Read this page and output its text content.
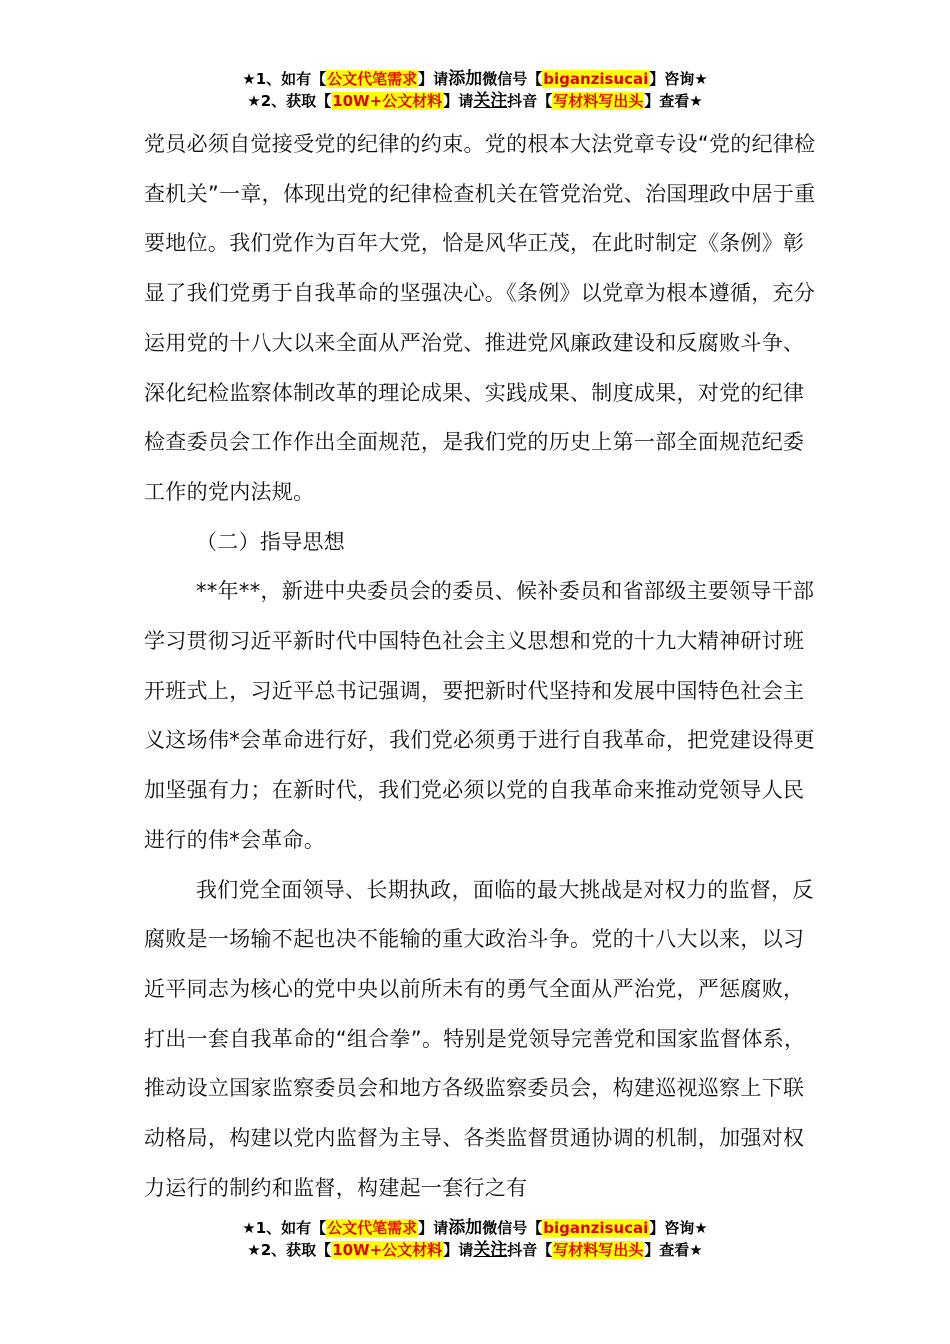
★1、如有【公文代笔需求】请添加微信号【biganzisucai】咨询★
★2、获取【10W+公文材料】请关注抖音【写材料写出头】查看★

党员必须自觉接受党的纪律的约束。党的根本大法党章专设“党的纪律检查机关”一章，体现出党的纪律检查机关在管党治党、治国理政中居于重要地位。我们党作为百年大党，恰是风华正茂，在此时制定《条例》彰显了我们党勇于自我革命的坚强决心。《条例》以党章为根本遵循，充分运用党的十八大以来全面从严治党、推进党风廉政建设和反腐败斗争、深化纪检监察体制改革的理论成果、实践成果、制度成果，对党的纪律检查委员会工作作出全面规范，是我们党的历史上第一部全面规范纪委工作的党内法规。

（二）指导思想

**年**，新进中央委员会的委员、候补委员和省部级主要领导干部学习贯彻习近平新时代中国特色社会主义思想和党的十九大精神研讨班开班式上，习近平总书记强调，要把新时代坚持和发展中国特色社会主义这场伟*会革命进行好，我们党必须勇于进行自我革命，把党建设得更加坚强有力；在新时代，我们党必须以党的自我革命来推动党领导人民进行的伟*会革命。

我们党全面领导、长期执政，面临的最大挑战是对权力的监督，反腐败是一场输不起也决不能输的重大政治斗争。党的十八大以来，以习近平同志为核心的党中央以前所未有的勇气全面从严治党，严惩腐败，打出一套自我革命的“组合拳”。特别是党领导完善党和国家监督体系，推动设立国家监察委员会和地方各级监察委员会，构建巡视巡察上下联动格局，构建以党内监督为主导、各类监督贯通协调的机制，加强对权力运行的制约和监督，构建起一套行之有

★1、如有【公文代笔需求】请添加微信号【biganzisucai】咨询★
★2、获取【10W+公文材料】请关注抖音【写材料写出头】查看★
